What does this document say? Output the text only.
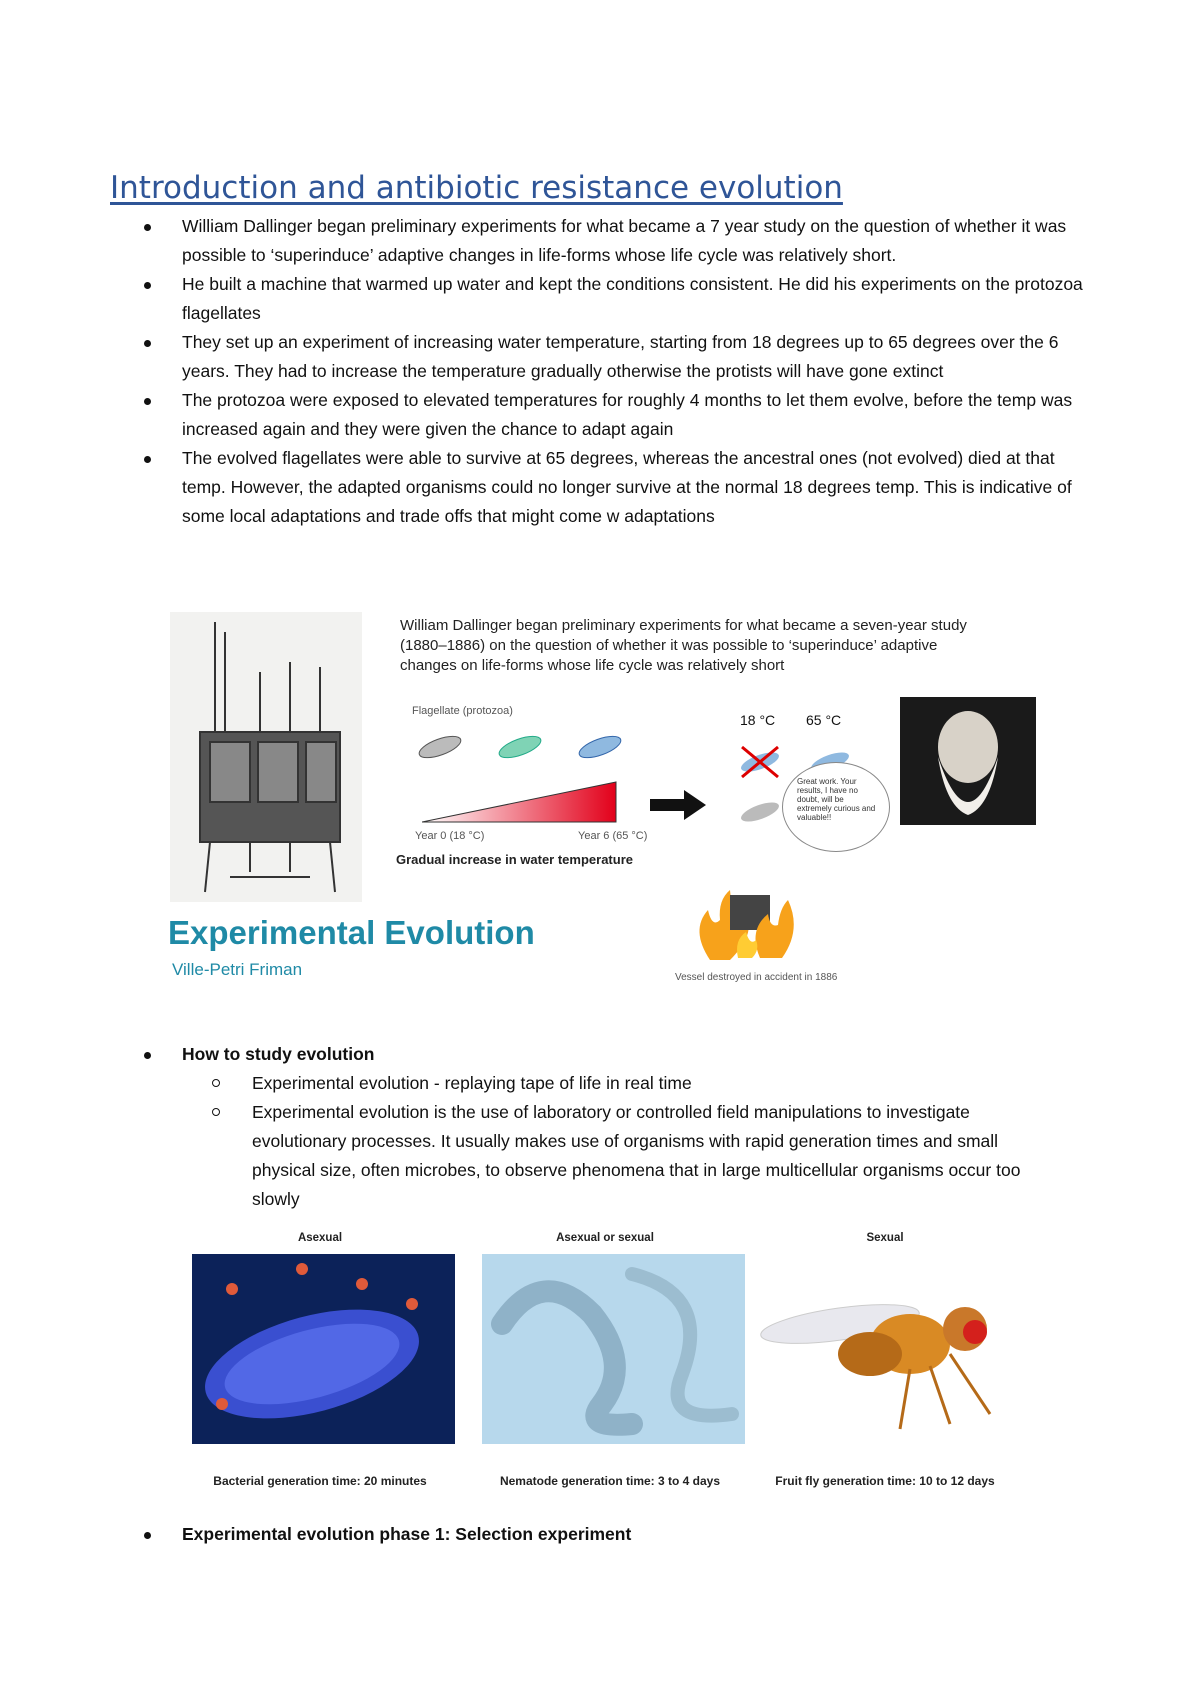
Introduction and antibiotic resistance evolution
William Dallinger began preliminary experiments for what became a 7 year study on the question of whether it was possible to ‘superinduce’ adaptive changes in life-forms whose life cycle was relatively short.
He built a machine that warmed up water and kept the conditions consistent. He did his experiments on the protozoa flagellates
They set up an experiment of increasing water temperature, starting from 18 degrees up to 65 degrees over the 6 years. They had to increase the temperature gradually otherwise the protists will have gone extinct
The protozoa were exposed to elevated temperatures for roughly 4 months to let them evolve, before the temp was increased again and they were given the chance to adapt again
The evolved flagellates were able to survive at 65 degrees, whereas the ancestral ones (not evolved) died at that temp. However, the adapted organisms could no longer survive at the normal 18 degrees temp. This is indicative of some local adaptations and trade offs that might come w adaptations
William Dallinger began preliminary experiments for what became a seven-year study (1880–1886) on the question of whether it was possible to ‘superinduce’ adaptive changes on life-forms whose life cycle was relatively short
Flagellate (protozoa)
Year 0 (18 °C)	Year 6 (65 °C)
Gradual increase in water temperature
18 °C 65 °C
Great work. Your results, I have no doubt, will be extremely curious and valuable!!
Vessel destroyed in accident in 1886
Experimental Evolution
Ville-Petri Friman
How to study evolution
Experimental evolution - replaying tape of life in real time
Experimental evolution is the use of laboratory or controlled field manipulations to investigate evolutionary processes. It usually makes use of organisms with rapid generation times and small physical size, often microbes, to observe phenomena that in large multicellular organisms occur too slowly
Asexual	Asexual or sexual	Sexual
Bacterial generation time: 20 minutes	Nematode generation time: 3 to 4 days	Fruit fly generation time: 10 to 12 days
Experimental evolution phase 1: Selection experiment
